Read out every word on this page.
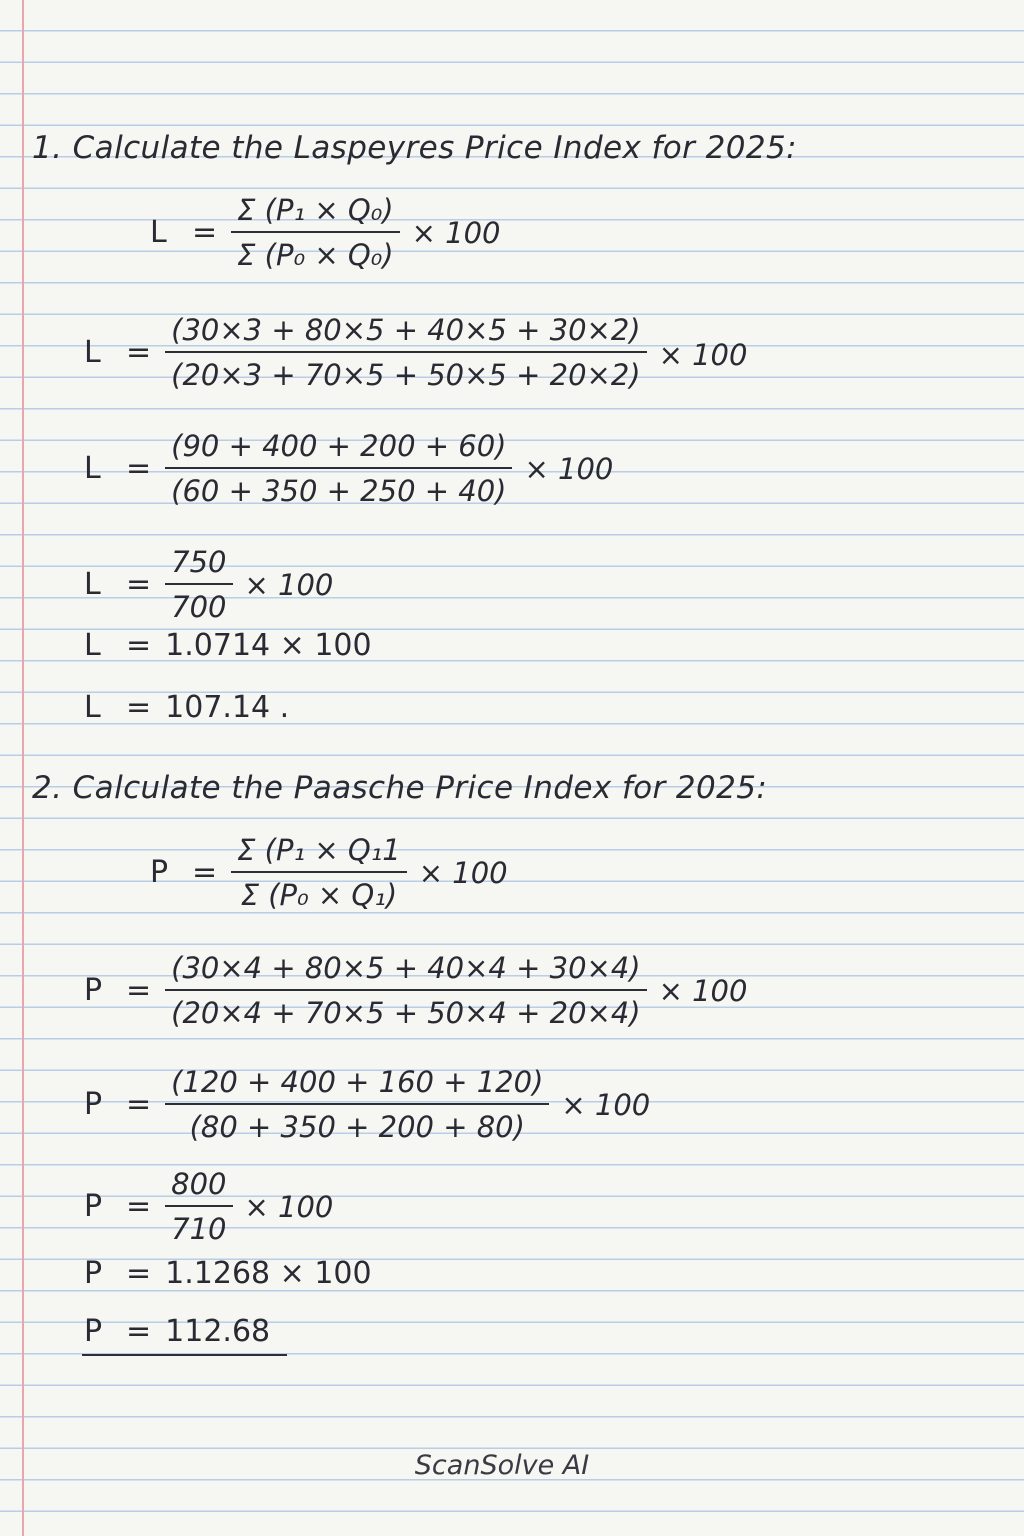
1. Calculate the Laspeyres Price Index for 2025:
$L = \frac{\text{Σ (P₁ × Q₀)}}{\text{Σ (P₀ × Q₀)}} \times 100$
$L = \frac{(30\times 3 + 80\times 5 + 40\times 5 + 30\times 2)}{(20\times 3 + 70\times 5 + 50\times 5 + 20\times 2)} \times 100$
$L = \frac{(90 + 400 + 200 + 60)}{(60 + 350 + 250 + 40)} \times 100$
$L = \frac{750}{700} \times 100$
L = 1.0714 × 100
L = 107.14 .
2. Calculate the Paasche Price Index for 2025:
$P = \frac{\text{Σ (P₁ × Q₁1}}{\text{Σ (P₀ × Q₁)}} \times 100$
$P = \frac{(30\times 4 + 80\times 5 + 40\times 4 + 30\times 4)}{(20\times 4 + 70\times 5 + 50\times 4 + 20\times 4)} \times 100$
$P = \frac{(120 + 400 + 160 + 120)}{(80 + 350 + 200 + 80)} \times 100$
$P = \frac{800}{710} \times 100$
P = 1.1268 × 100
P = 112.68
ScanSolve AI
